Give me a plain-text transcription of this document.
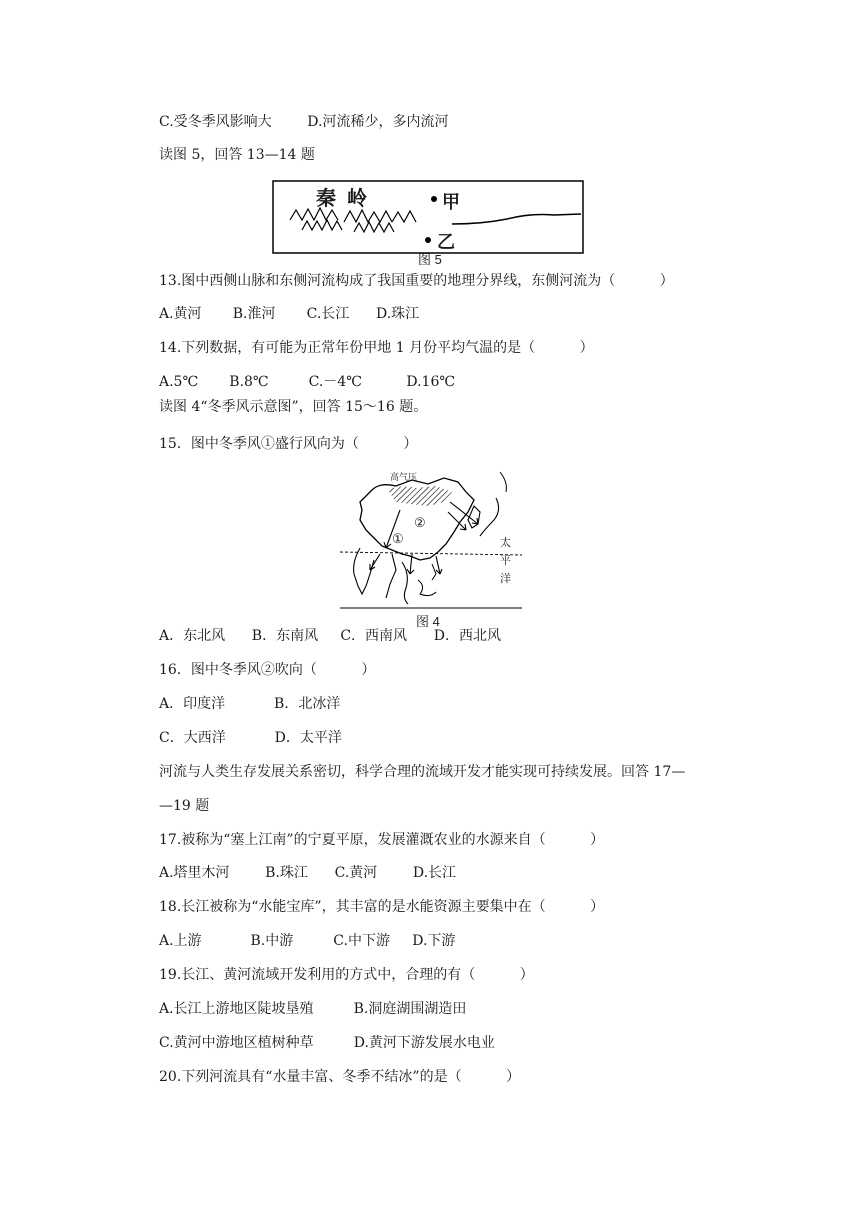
C.受冬季风影响大        D.河流稀少，多内流河
读图 5，回答 13—14 题
秦 岭	甲
乙
图 5
13.图中西侧山脉和东侧河流构成了我国重要的地理分界线，东侧河流为（          ）
A.黄河       B.淮河       C.长江      D.珠江
14.下列数据，有可能为正常年份甲地 1 月份平均气温的是（          ）
A.5℃       B.8℃         C.－4℃          D.16℃
读图 4“冬季风示意图”，回答 15～16 题。
15．图中冬季风①盛行风向为（          ）
高气压
①
②
太
平
洋
图 4
A．东北风      B．东南风     C．西南风      D．西北风
16．图中冬季风②吹向（          ）
A．印度洋           B．北冰洋
C．大西洋           D．太平洋
河流与人类生存发展关系密切，科学合理的流域开发才能实现可持续发展。回答 17—
—19 题
17.被称为“塞上江南”的宁夏平原，发展灌溉农业的水源来自（          ）
A.塔里木河        B.珠江      C.黄河        D.长江
18.长江被称为“水能宝库”，其丰富的是水能资源主要集中在（          ）
A.上游           B.中游         C.中下游     D.下游
19.长江、黄河流域开发利用的方式中，合理的有（          ）
A.长江上游地区陡坡垦殖         B.洞庭湖围湖造田
C.黄河中游地区植树种草         D.黄河下游发展水电业
20.下列河流具有“水量丰富、冬季不结冰”的是（          ）
